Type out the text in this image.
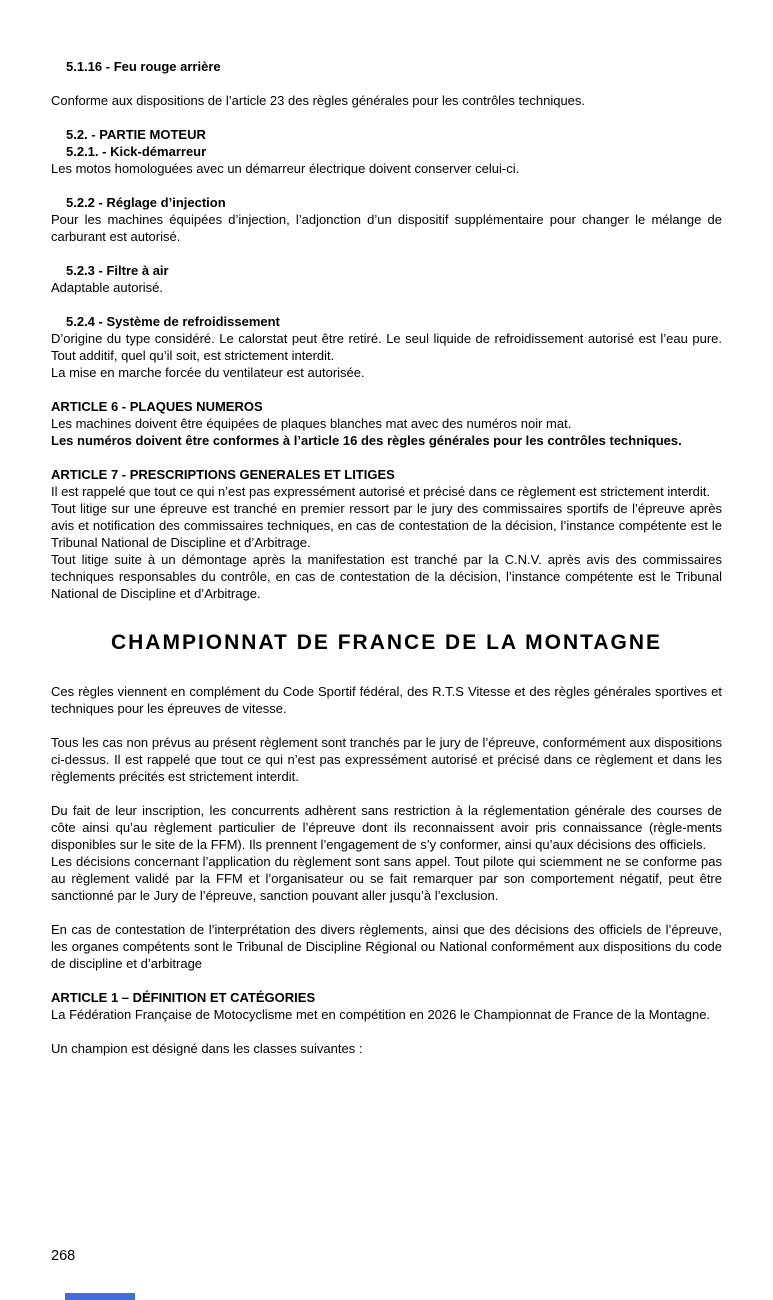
5.1.16 - Feu rouge arrière
Conforme aux dispositions de l’article 23 des règles générales pour les contrôles techniques.
5.2. - PARTIE MOTEUR
5.2.1. - Kick-démarreur
Les motos homologuées avec un démarreur électrique doivent conserver celui-ci.
5.2.2 - Réglage d’injection
Pour les machines équipées d’injection, l’adjonction d’un dispositif supplémentaire pour changer le mélange de carburant est autorisé.
5.2.3 - Filtre à air
Adaptable autorisé.
5.2.4 - Système de refroidissement
D’origine du type considéré. Le calorstat peut être retiré. Le seul liquide de refroidissement autorisé est l’eau pure. Tout additif, quel qu’il soit, est strictement interdit.
La mise en marche forcée du ventilateur est autorisée.
ARTICLE 6 - PLAQUES NUMEROS
Les machines doivent être équipées de plaques blanches mat avec des numéros noir mat.
Les numéros doivent être conformes à l’article 16 des règles générales pour les contrôles techniques.
ARTICLE 7 - PRESCRIPTIONS GENERALES ET LITIGES
Il est rappelé que tout ce qui n’est pas expressément autorisé et précisé dans ce règlement est strictement interdit.
Tout litige sur une épreuve est tranché en premier ressort par le jury des commissaires sportifs de l’épreuve après avis et notification des commissaires techniques, en cas de contestation de la décision, l’instance compétente est le Tribunal National de Discipline et d’Arbitrage.
Tout litige suite à un démontage après la manifestation est tranché par la C.N.V. après avis des commissaires techniques responsables du contrôle, en cas de contestation de la décision, l’instance compétente est le Tribunal National de Discipline et d’Arbitrage.
CHAMPIONNAT DE FRANCE DE LA MONTAGNE
Ces règles viennent en complément du Code Sportif fédéral, des R.T.S Vitesse et des règles générales sportives et techniques pour les épreuves de vitesse.
Tous les cas non prévus au présent règlement sont tranchés par le jury de l’épreuve, conformément aux dispositions ci-dessus. Il est rappelé que tout ce qui n’est pas expressément autorisé et précisé dans ce règlement et dans les règlements précités est strictement interdit.
Du fait de leur inscription, les concurrents adhèrent sans restriction à la réglementation générale des courses de côte ainsi qu’au règlement particulier de l’épreuve dont ils reconnaissent avoir pris connaissance (règle-ments disponibles sur le site de la FFM). Ils prennent l’engagement de s’y conformer, ainsi qu’aux décisions des officiels.
Les décisions concernant l’application du règlement sont sans appel. Tout pilote qui sciemment ne se conforme pas au règlement validé par la FFM et l’organisateur ou se fait remarquer par son comportement négatif, peut être sanctionné par le Jury de l’épreuve, sanction pouvant aller jusqu’à l’exclusion.
En cas de contestation de l’interprétation des divers règlements, ainsi que des décisions des officiels de l’épreuve, les organes compétents sont le Tribunal de Discipline Régional ou National conformément aux dispositions du code de discipline et d’arbitrage
ARTICLE 1 – DÉFINITION ET CATÉGORIES
La Fédération Française de Motocyclisme met en compétition en 2026 le Championnat de France de la Montagne.
Un champion est désigné dans les classes suivantes :
268
